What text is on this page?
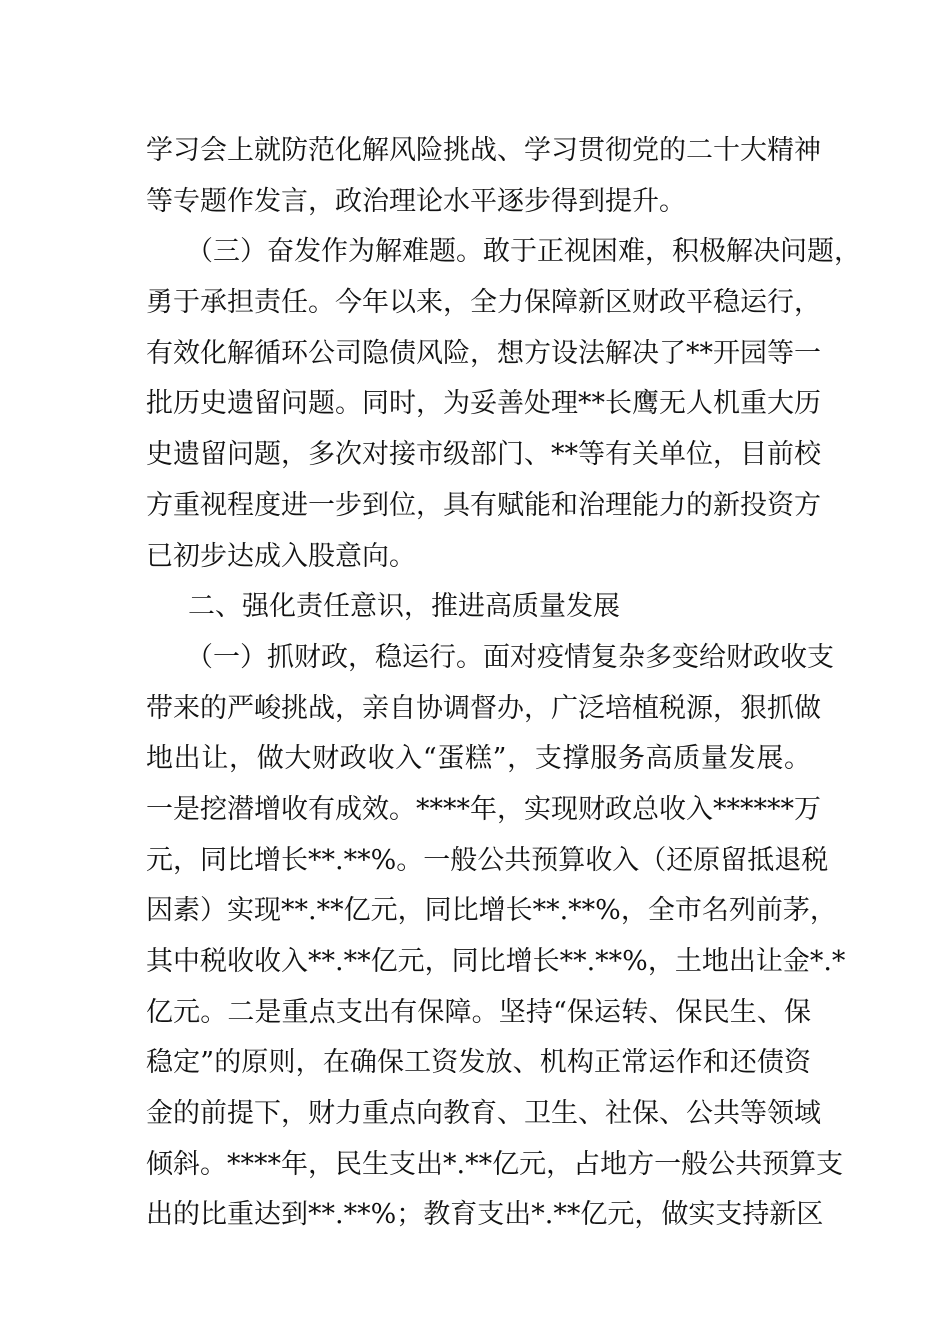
学习会上就防范化解风险挑战、学习贯彻党的二十大精神
等专题作发言，政治理论水平逐步得到提升。
（三）奋发作为解难题。敢于正视困难，积极解决问题，
勇于承担责任。今年以来，全力保障新区财政平稳运行，
有效化解循环公司隐债风险，想方设法解决了**开园等一
批历史遗留问题。同时，为妥善处理**长鹰无人机重大历
史遗留问题，多次对接市级部门、**等有关单位，目前校
方重视程度进一步到位，具有赋能和治理能力的新投资方
已初步达成入股意向。
二、强化责任意识，推进高质量发展
（一）抓财政，稳运行。面对疫情复杂多变给财政收支
带来的严峻挑战，亲自协调督办，广泛培植税源，狠抓做
地出让，做大财政收入“蛋糕”，支撑服务高质量发展。
一是挖潜增收有成效。****年，实现财政总收入******万
元，同比增长**.**%。一般公共预算收入（还原留抵退税
因素）实现**.**亿元，同比增长**.**%，全市名列前茅，
其中税收收入**.**亿元，同比增长**.**%，土地出让金*.*
亿元。二是重点支出有保障。坚持“保运转、保民生、保
稳定”的原则，在确保工资发放、机构正常运作和还债资
金的前提下，财力重点向教育、卫生、社保、公共等领域
倾斜。****年，民生支出*.**亿元，占地方一般公共预算支
出的比重达到**.**%；教育支出*.**亿元，做实支持新区
